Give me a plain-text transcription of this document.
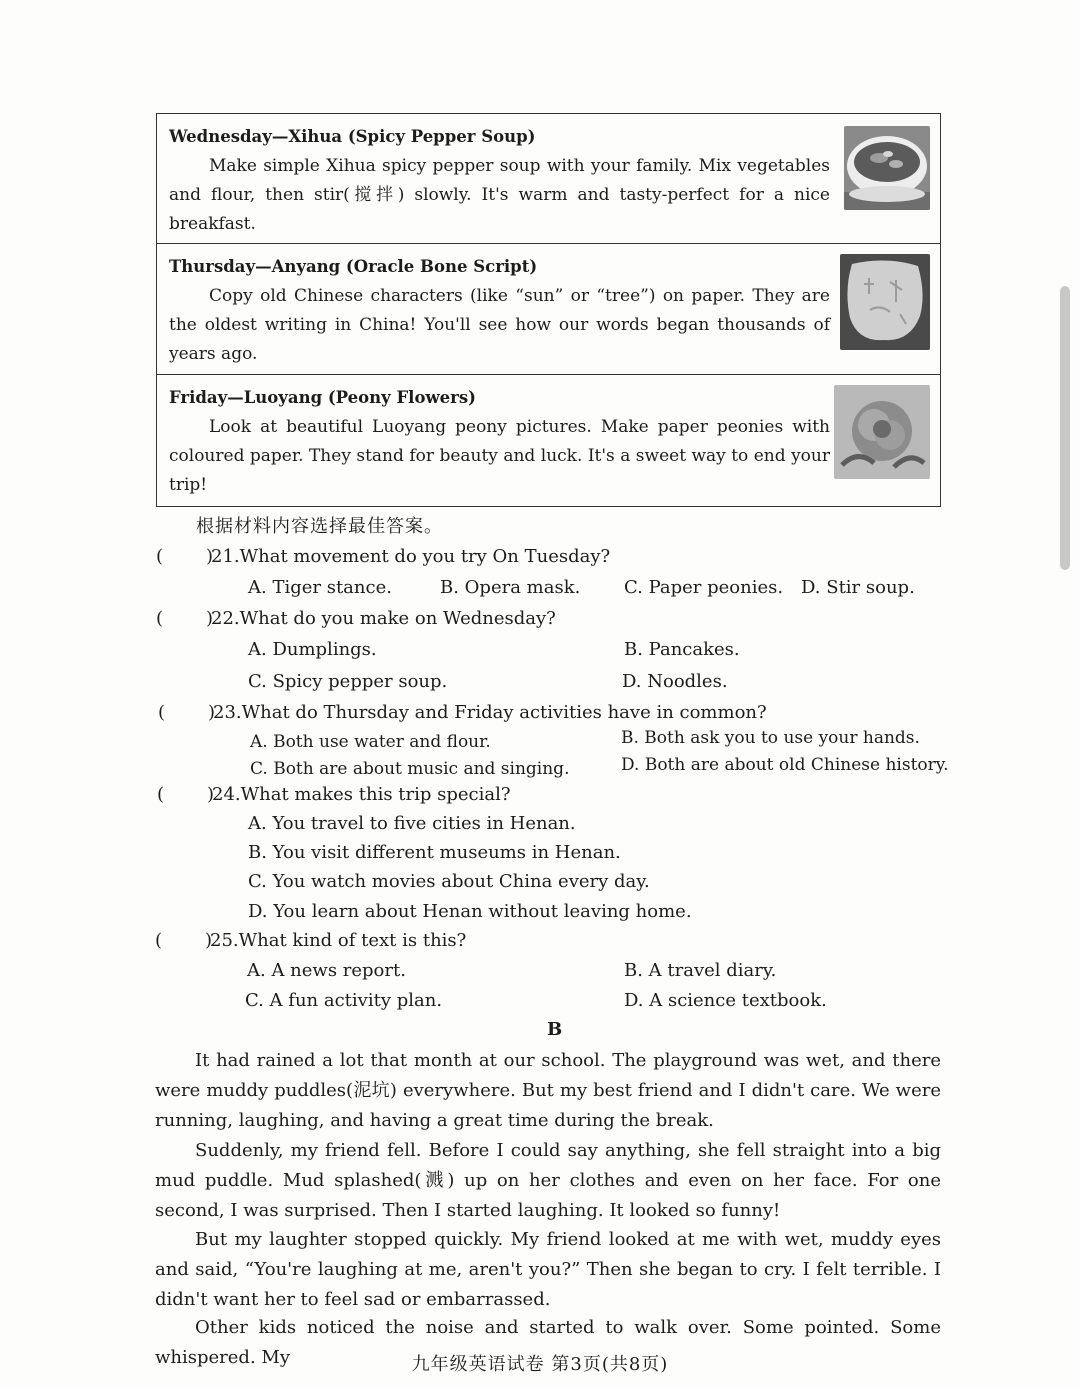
Wednesday—Xihua (Spicy Pepper Soup)
Make simple Xihua spicy pepper soup with your family. Mix vegetables and flour, then stir(搅拌) slowly. It's warm and tasty-perfect for a nice breakfast.
Thursday—Anyang (Oracle Bone Script)
Copy old Chinese characters (like “sun” or “tree”) on paper. They are the oldest writing in China! You'll see how our words began thousands of years ago.
Friday—Luoyang (Peony Flowers)
Look at beautiful Luoyang peony pictures. Make paper peonies with coloured paper. They stand for beauty and luck. It's a sweet way to end your trip!
根据材料内容选择最佳答案。
( )
21.What movement do you try On Tuesday?
A. Tiger stance.	B. Opera mask. C. Paper peonies. D. Stir soup.
( )
22.What do you make on Wednesday?
A. Dumplings.	B. Pancakes.
C. Spicy pepper soup.	D. Noodles.
( )
23.What do Thursday and Friday activities have in common?
A. Both use water and flour.	B. Both ask you to use your hands.
C. Both are about music and singing.	D. Both are about old Chinese history.
( )
24.What makes this trip special?
A. You travel to five cities in Henan.
B. You visit different museums in Henan.
C. You watch movies about China every day.
D. You learn about Henan without leaving home.
( )
25.What kind of text is this?
A. A news report.	B. A travel diary.
C. A fun activity plan.	D. A science textbook.
B
It had rained a lot that month at our school. The playground was wet, and there were muddy puddles(泥坑) everywhere. But my best friend and I didn't care. We were running, laughing, and having a great time during the break.
Suddenly, my friend fell. Before I could say anything, she fell straight into a big mud puddle. Mud splashed(溅) up on her clothes and even on her face. For one second, I was surprised. Then I started laughing. It looked so funny!
But my laughter stopped quickly. My friend looked at me with wet, muddy eyes and said, “You're laughing at me, aren't you?” Then she began to cry. I felt terrible. I didn't want her to feel sad or embarrassed.
Other kids noticed the noise and started to walk over. Some pointed. Some whispered. My	九年级英语试卷 第3页(共8页)
